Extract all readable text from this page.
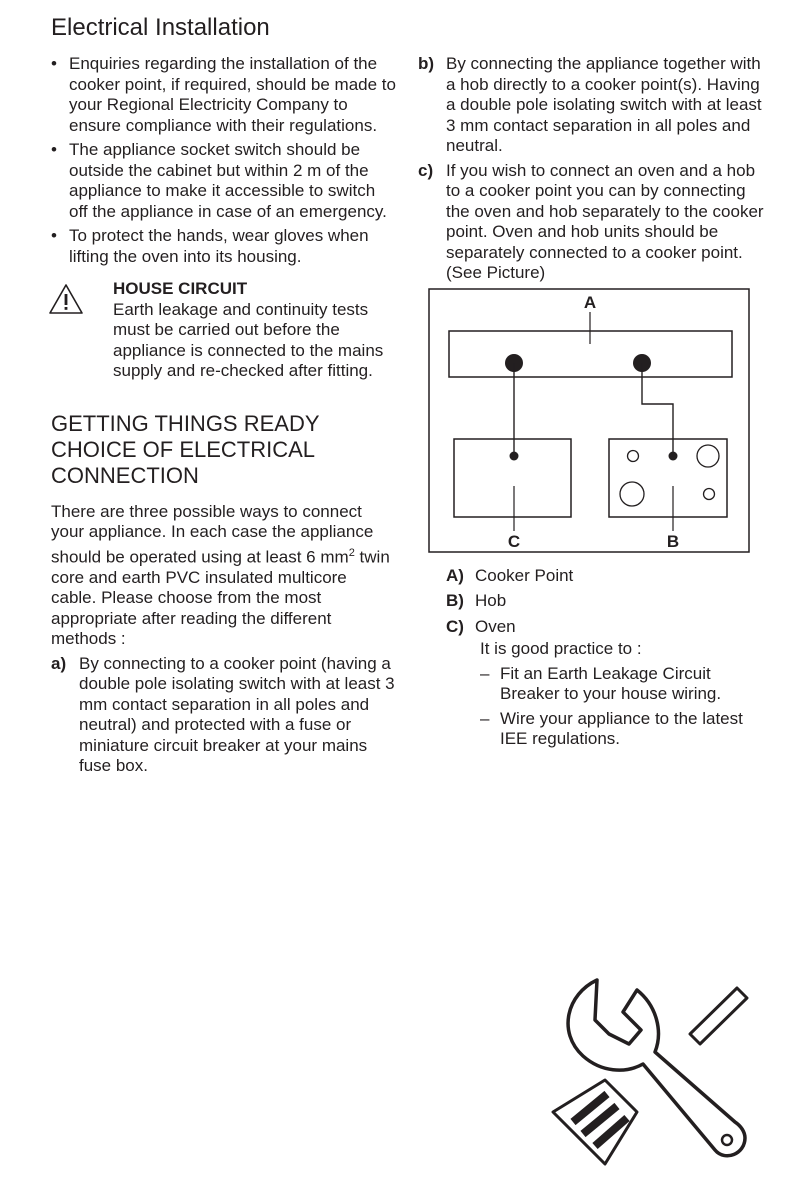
Electrical Installation
• Enquiries regarding the installation of the cooker point, if required, should be made to your Regional Electricity Company to ensure compliance with their regulations.
• The appliance socket switch should be outside the cabinet but within 2 m of the appliance to make it accessible to switch off the appliance in case of an emergency.
• To protect the hands, wear gloves when lifting the oven into its housing.
HOUSE CIRCUIT
Earth leakage and continuity tests must be carried out before the appliance is connected to the mains supply and re-checked after fitting.
GETTING THINGS READY
CHOICE OF ELECTRICAL
CONNECTION

There are three possible ways to connect your appliance. In each case the appliance should be operated using at least 6 $mm^2$ twin core and earth PVC insulated multicore cable. Please choose from the most appropriate after reading the different methods :

a) By connecting to a cooker point (having a double pole isolating switch with at least 3 mm contact separation in all poles and neutral) and protected with a fuse or miniature circuit breaker at your mains fuse box.
b) By connecting the appliance together with a hob directly to a cooker point(s). Having a double pole isolating switch with at least 3 mm contact separation in all poles and neutral.
c) If you wish to connect an oven and a hob to a cooker point you can by connecting the oven and hob separately to the cooker point. Oven and hob units should be separately connected to a cooker point. (See Picture)
A
C	B
A) Cooker Point
B) Hob
C) Oven
It is good practice to :
– Fit an Earth Leakage Circuit Breaker to your house wiring.
– Wire your appliance to the latest IEE regulations.
